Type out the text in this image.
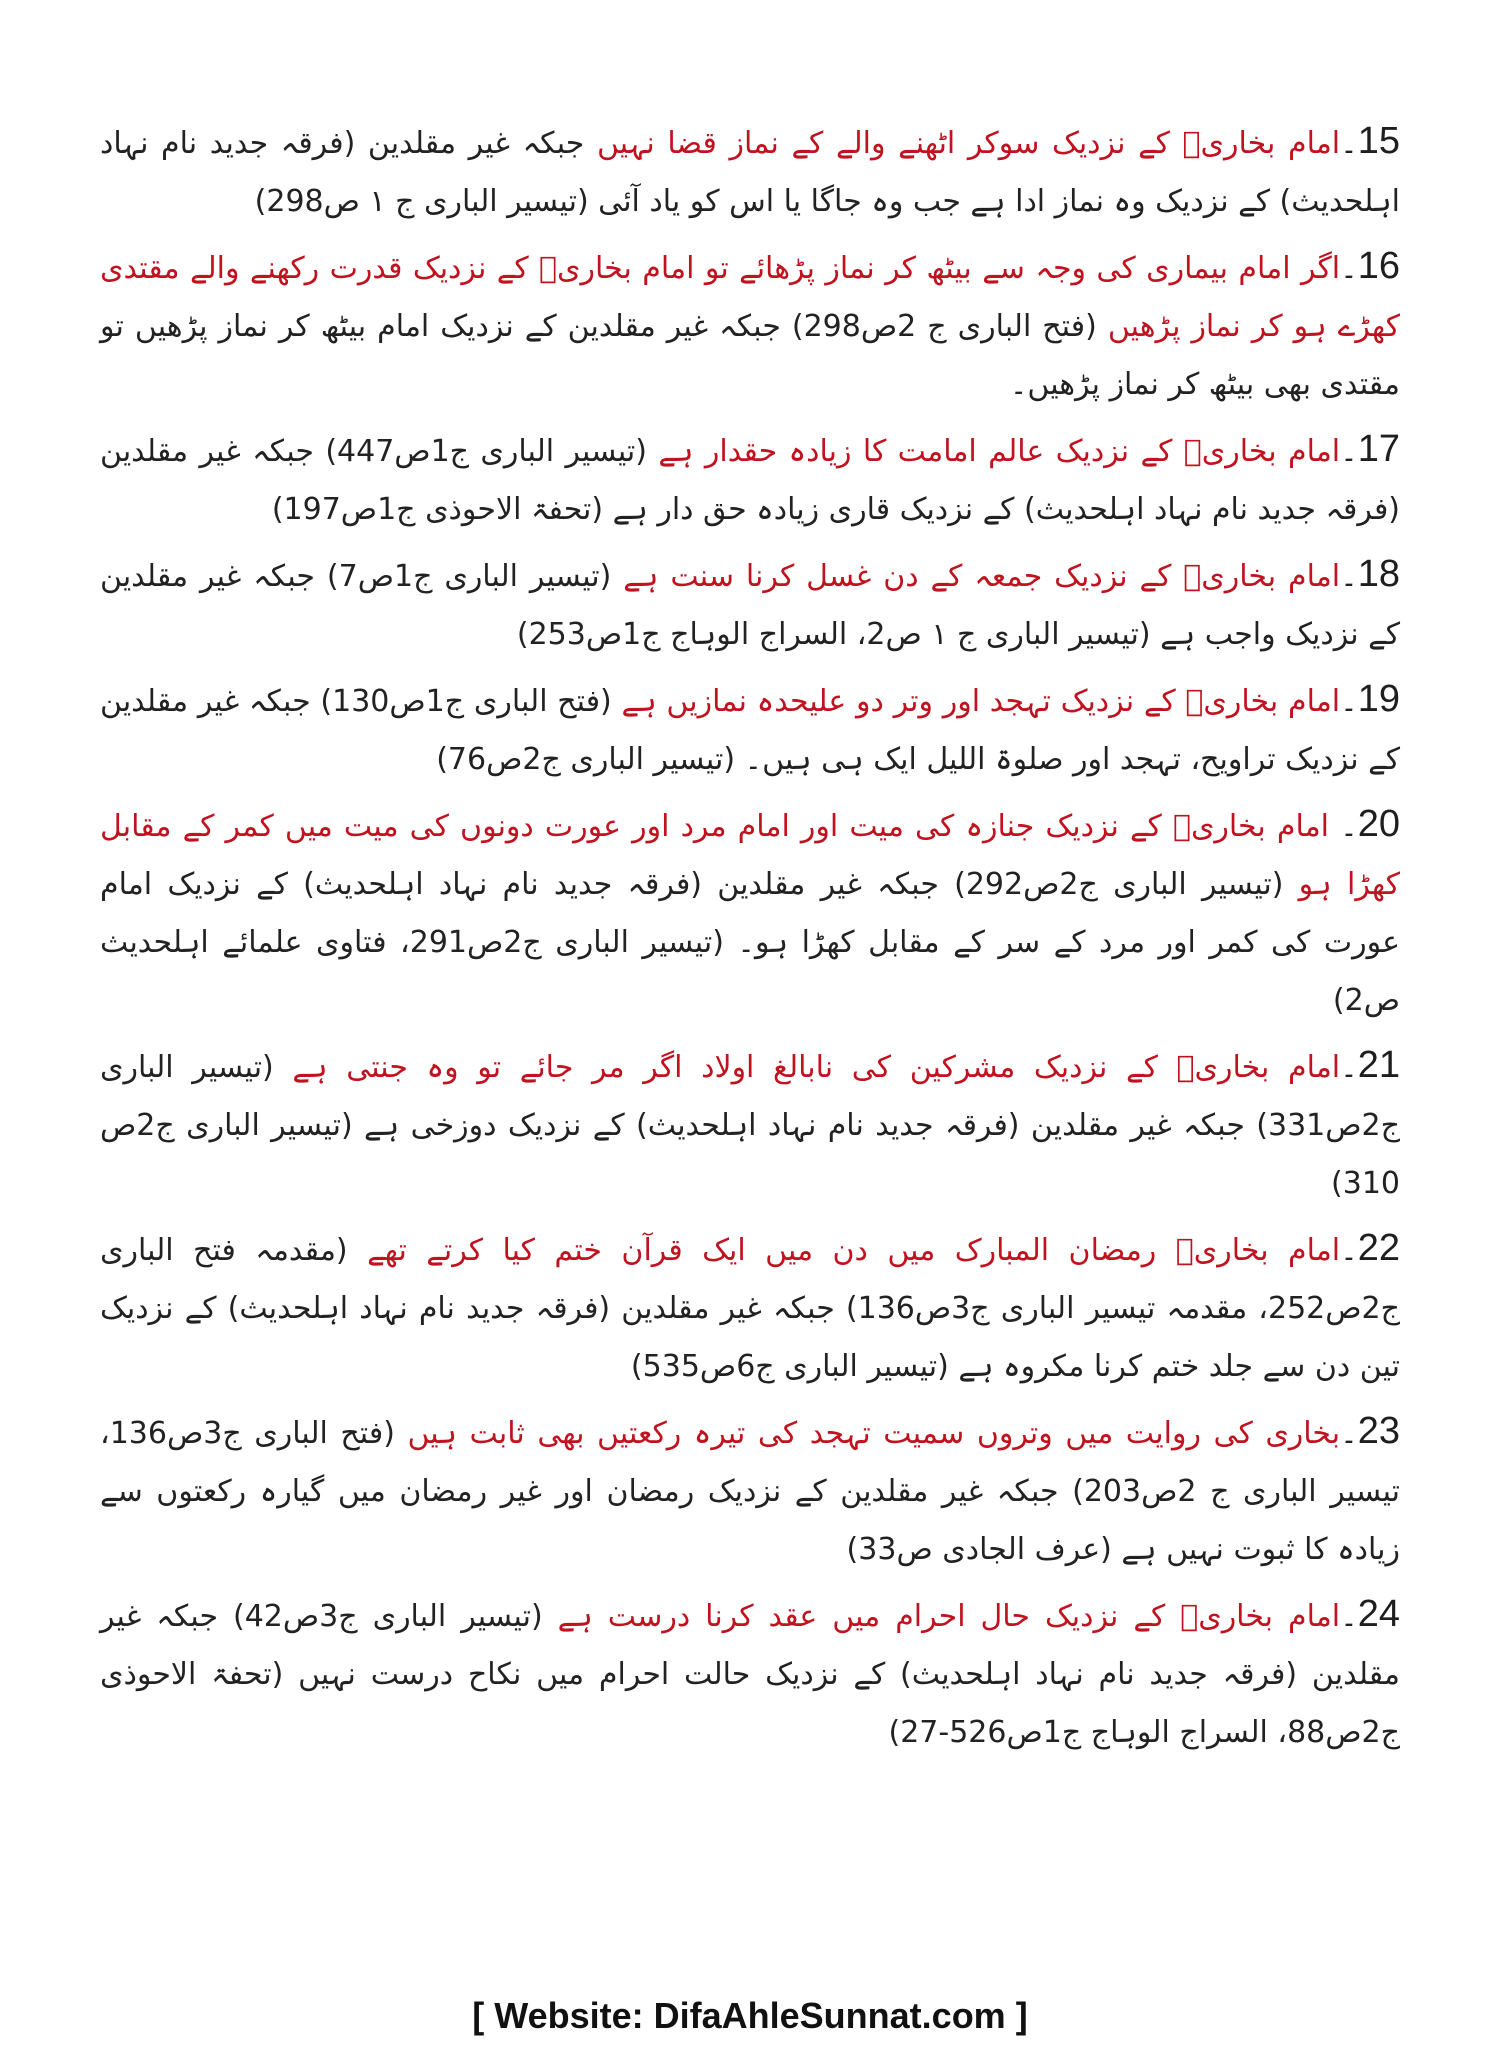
15۔امام بخاریؒ کے نزدیک سوکر اٹھنے والے کے نماز قضا نہیں جبکہ غیر مقلدین (فرقہ جدید نام نہاد اہلحدیث) کے نزدیک وہ نماز ادا ہے جب وہ جاگا یا اس کو یاد آئی (تیسیر الباری ج ۱ ص298)

16۔اگر امام بیماری کی وجہ سے بیٹھ کر نماز پڑھائے تو امام بخاریؒ کے نزدیک قدرت رکھنے والے مقتدی کھڑے ہو کر نماز پڑھیں (فتح الباری ج 2ص298) جبکہ غیر مقلدین کے نزدیک امام بیٹھ کر نماز پڑھیں تو مقتدی بھی بیٹھ کر نماز پڑھیں۔

17۔امام بخاریؒ کے نزدیک عالم امامت کا زیادہ حقدار ہے (تیسیر الباری ج1ص447) جبکہ غیر مقلدین (فرقہ جدید نام نہاد اہلحدیث) کے نزدیک قاری زیادہ حق دار ہے (تحفۃ الاحوذی ج1ص197)

18۔امام بخاریؒ کے نزدیک جمعہ کے دن غسل کرنا سنت ہے (تیسیر الباری ج1ص7) جبکہ غیر مقلدین کے نزدیک واجب ہے (تیسیر الباری ج ۱ ص2، السراج الوہاج ج1ص253)

19۔امام بخاریؒ کے نزدیک تہجد اور وتر دو علیحدہ نمازیں ہے (فتح الباری ج1ص130) جبکہ غیر مقلدین کے نزدیک تراویح، تہجد اور صلوۃ اللیل ایک ہی ہیں۔ (تیسیر الباری ج2ص76)

20۔ امام بخاریؒ کے نزدیک جنازہ کی میت اور امام مرد اور عورت دونوں کی میت میں کمر کے مقابل کھڑا ہو (تیسیر الباری ج2ص292) جبکہ غیر مقلدین (فرقہ جدید نام نہاد اہلحدیث) کے نزدیک امام عورت کی کمر اور مرد کے سر کے مقابل کھڑا ہو۔ (تیسیر الباری ج2ص291، فتاوی علمائے اہلحدیث ص2)

21۔امام بخاریؒ کے نزدیک مشرکین کی نابالغ اولاد اگر مر جائے تو وہ جنتی ہے (تیسیر الباری ج2ص331) جبکہ غیر مقلدین (فرقہ جدید نام نہاد اہلحدیث) کے نزدیک دوزخی ہے (تیسیر الباری ج2ص 310)

22۔امام بخاریؒ رمضان المبارک میں دن میں ایک قرآن ختم کیا کرتے تھے (مقدمہ فتح الباری ج2ص252، مقدمہ تیسیر الباری ج3ص136) جبکہ غیر مقلدین (فرقہ جدید نام نہاد اہلحدیث) کے نزدیک تین دن سے جلد ختم کرنا مکروہ ہے (تیسیر الباری ج6ص535)

23۔بخاری کی روایت میں وتروں سمیت تہجد کی تیرہ رکعتیں بھی ثابت ہیں (فتح الباری ج3ص136، تیسیر الباری ج 2ص203) جبکہ غیر مقلدین کے نزدیک رمضان اور غیر رمضان میں گیارہ رکعتوں سے زیادہ کا ثبوت نہیں ہے (عرف الجادی ص33)

24۔امام بخاریؒ کے نزدیک حال احرام میں عقد کرنا درست ہے (تیسیر الباری ج3ص42) جبکہ غیر مقلدین (فرقہ جدید نام نہاد اہلحدیث) کے نزدیک حالت احرام میں نکاح درست نہیں (تحفۃ الاحوذی ج2ص88، السراج الوہاج ج1ص526-27)

[ Website: DifaAhleSunnat.com ]
